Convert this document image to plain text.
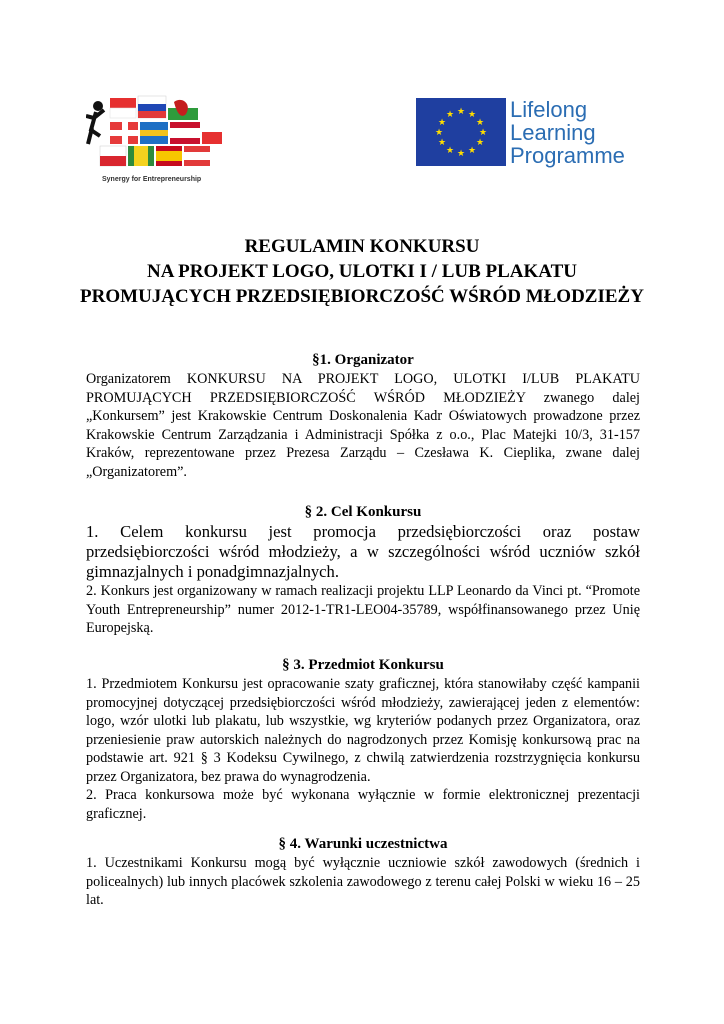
Synergy for Entrepreneurship
★ ★
★
★
★
★
★
★
★
★
★
★	Lifelong
Learning
Programme
REGULAMIN KONKURSU
NA PROJEKT LOGO, ULOTKI I / LUB PLAKATU
PROMUJĄCYCH PRZEDSIĘBIORCZOŚĆ WŚRÓD MŁODZIEŻY
§1. Organizator

Organizatorem KONKURSU NA PROJEKT LOGO, ULOTKI I/LUB PLAKATU PROMUJĄCYCH PRZEDSIĘBIORCZOŚĆ WŚRÓD MŁODZIEŻY zwanego dalej „Konkursem” jest Krakowskie Centrum Doskonalenia Kadr Oświatowych prowadzone przez Krakowskie Centrum Zarządzania i Administracji Spółka z o.o., Plac Matejki 10/3, 31-157 Kraków, reprezentowane przez Prezesa Zarządu – Czesława K. Cieplika, zwane dalej „Organizatorem”.

§ 2. Cel Konkursu

1. Celem konkursu jest promocja przedsiębiorczości oraz postaw przedsiębiorczości wśród młodzieży, a w szczególności wśród uczniów szkół gimnazjalnych i ponadgimnazjalnych.

2. Konkurs jest organizowany w ramach realizacji projektu LLP Leonardo da Vinci pt. “Promote Youth Entrepreneurship” numer 2012-1-TR1-LEO04-35789, współfinansowanego przez Unię Europejską.

§ 3. Przedmiot Konkursu

1. Przedmiotem Konkursu jest opracowanie szaty graficznej, która stanowiłaby część kampanii promocyjnej dotyczącej przedsiębiorczości wśród młodzieży, zawierającej jeden z elementów: logo, wzór ulotki lub plakatu, lub wszystkie, wg kryteriów podanych przez Organizatora, oraz przeniesienie praw autorskich należnych do nagrodzonych przez Komisję konkursową prac na podstawie art. 921 § 3 Kodeksu Cywilnego, z chwilą zatwierdzenia rozstrzygnięcia konkursu przez Organizatora, bez prawa do wynagrodzenia.

2. Praca konkursowa może być wykonana wyłącznie w formie elektronicznej prezentacji graficznej.

§ 4. Warunki uczestnictwa

1. Uczestnikami Konkursu mogą być wyłącznie uczniowie szkół zawodowych (średnich i policealnych) lub innych placówek szkolenia zawodowego z terenu całej Polski w wieku 16 – 25 lat.
